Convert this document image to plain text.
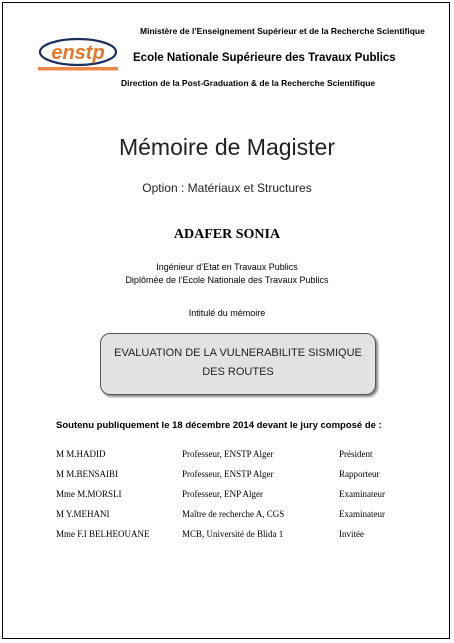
enstp
Ministère de l’Enseignement Supérieur et de la Recherche Scientifique
Ecole Nationale Supérieure des Travaux Publics
Direction de la Post-Graduation & de la Recherche Scientifique
Mémoire de Magister
Option : Matériaux et Structures
ADAFER SONIA
Ingénieur d’Etat en Travaux Publics
Diplômée de l’Ecole Nationale des Travaux Publics
Intitulé du mémoire
EVALUATION DE LA VULNERABILITE SISMIQUE
DES ROUTES
Soutenu publiquement le 18 décembre 2014 devant le jury composé de :
M M.HADID	Professeur, ENSTP Alger	Président
M M.BENSAIBI	Professeur, ENSTP Alger	Rapporteur
Mme M.MORSLI	Professeur, ENP Alger	Examinateur
M Y.MEHANI	Maître de recherche A, CGS	Examinateur
Mme F.I BELHEOUANE	MCB, Université de Blida 1	Invitée
